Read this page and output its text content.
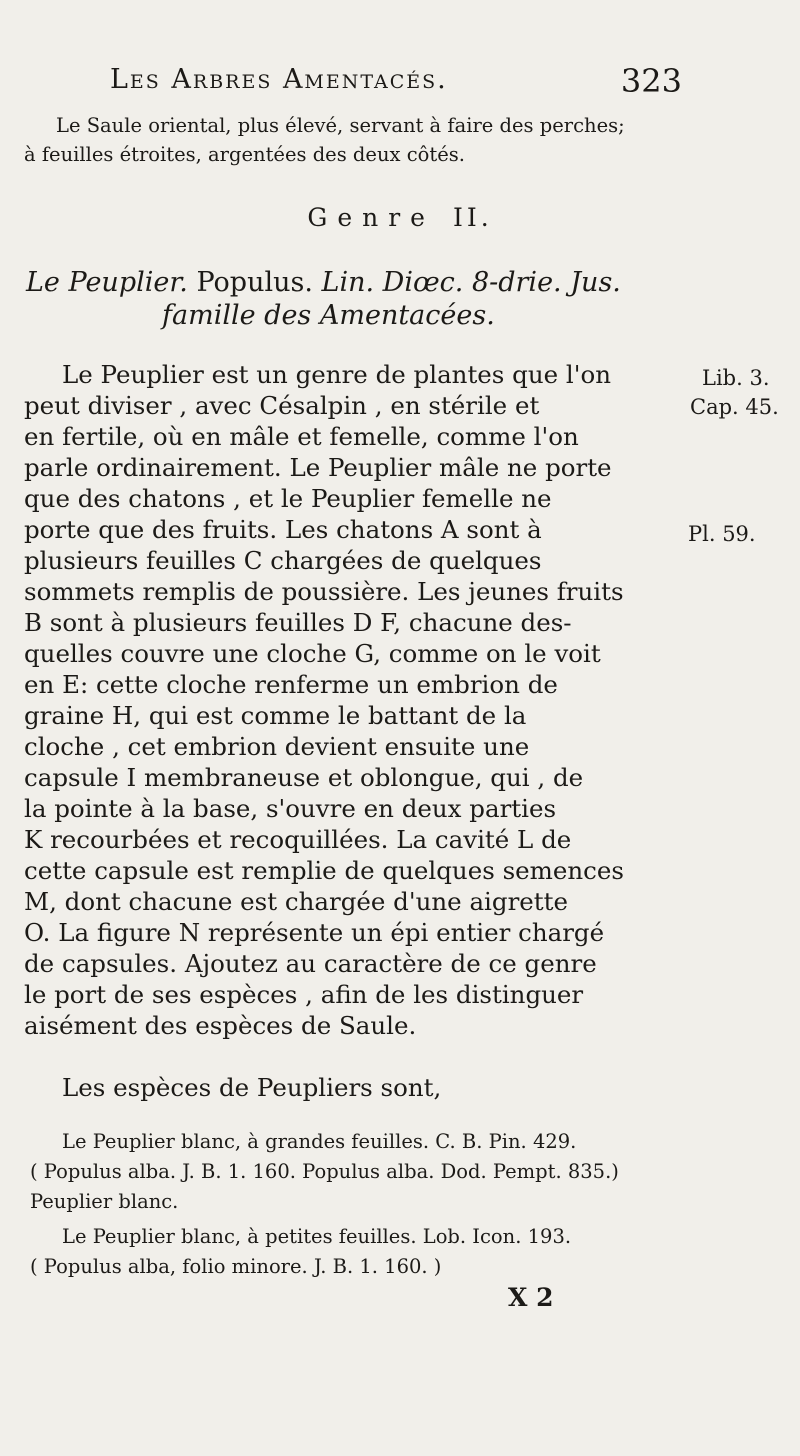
Les Arbres Amentacés.	323
Le Saule oriental, plus élevé, servant à faire des perches;
à feuilles étroites, argentées des deux côtés.
Genre II.
Le Peuplier. Populus. Lin. Diœc. 8-drie. Jus.
famille des Amentacées.
Le Peuplier est un genre de plantes que l'on
peut diviser , avec Césalpin , en stérile et
en fertile, où en mâle et femelle, comme l'on
parle ordinairement. Le Peuplier mâle ne porte
que des chatons , et le Peuplier femelle ne
porte que des fruits. Les chatons A sont à
plusieurs feuilles C chargées de quelques
sommets remplis de poussière. Les jeunes fruits
B sont à plusieurs feuilles D F, chacune des-
quelles couvre une cloche G, comme on le voit
en E: cette cloche renferme un embrion de
graine H, qui est comme le battant de la
cloche , cet embrion devient ensuite une
capsule I membraneuse et oblongue, qui , de
la pointe à la base, s'ouvre en deux parties
K recourbées et recoquillées. La cavité L de
cette capsule est remplie de quelques semences
M, dont chacune est chargée d'une aigrette
O. La figure N représente un épi entier chargé
de capsules. Ajoutez au caractère de ce genre
le port de ses espèces , afin de les distinguer
aisément des espèces de Saule.
Lib. 3.
Cap. 45.
Pl. 59.
Les espèces de Peupliers sont,
Le Peuplier blanc, à grandes feuilles. C. B. Pin. 429.
( Populus alba. J. B. 1. 160. Populus alba. Dod. Pempt. 835.)
Peuplier blanc.
Le Peuplier blanc, à petites feuilles. Lob. Icon. 193.
( Populus alba, folio minore. J. B. 1. 160. )
X 2
